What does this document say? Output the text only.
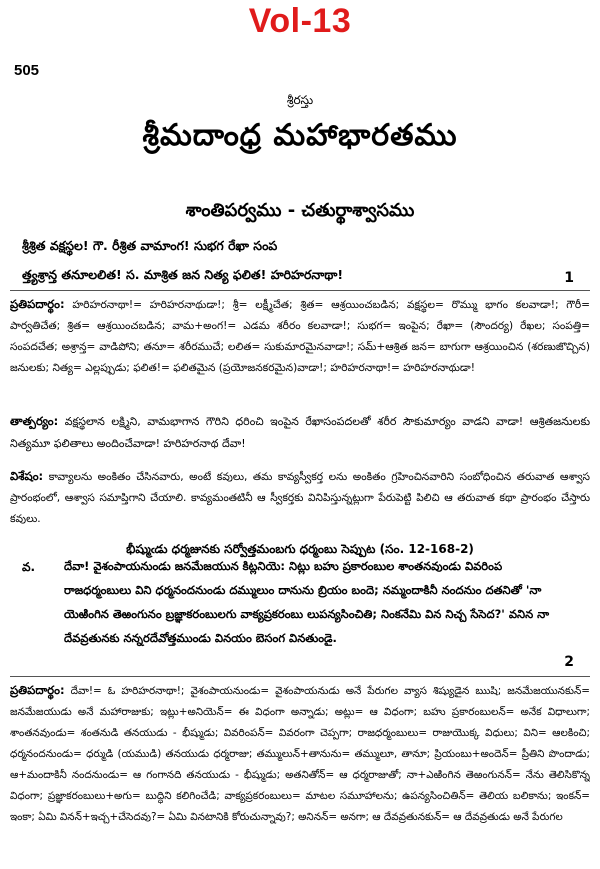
Vol-13
505
శ్రీరస్తు
శ్రీమదాంధ్ర మహాభారతము
శాంతిపర్వము - చతుర్థాశ్వాసము
శ్రీశ్రిత వక్షస్థల! గౌ. రీశ్రిత వామాంగ! సుభగ రేఖా సంప
త్త్యశ్రాన్త తనూలలిత! స. మాశ్రిత జన నిత్య ఫలిత! హరిహరనాథా!	1

ప్రతిపదార్థం: హరిహరనాథా!= హరిహరనాథుడా!; శ్రీ= లక్ష్మీచేత; శ్రిత= ఆశ్రయించబడిన; వక్షస్థల= రొమ్ము భాగం కలవాడా!; గౌరీ= పార్వతిచేత; శ్రిత= ఆశ్రయించబడిన; వామ+అంగ!= ఎడమ శరీరం కలవాడా!; సుభగ= ఇంపైన; రేఖా= (సౌందర్య) రేఖల; సంపత్తి= సంపదచేత; అశ్రాన్త= వాడిపోని; తనూ= శరీరముచే; లలిత= సుకుమారమైనవాడా!; సమ్+ఆశ్రిత జన= బాగుగా ఆశ్రయించిన (శరణుజొచ్చిన) జనులకు; నిత్య= ఎల్లప్పుడు; ఫలిత!= ఫలితమైన (ప్రయోజనకరమైన)వాడా!; హరిహరనాథా!= హరిహరనాథుడా!

తాత్పర్యం: వక్షస్థలాన లక్ష్మిని, వామభాగాన గౌరిని ధరించి ఇంపైన రేఖాసంపదలతో శరీర సౌకుమార్యం వాడని వాడా! ఆశ్రితజనులకు నిత్యమూ ఫలితాలు అందించేవాడా! హరిహరనాథ దేవా!

విశేషం: కావ్యాలను అంకితం చేసినవారు, అంటే కవులు, తమ కావ్యస్వీకర్త లను అంకితం గ్రహించినవారిని సంబోధించిన తరువాత ఆశ్వాస ప్రారంభంలో, ఆశ్వాస సమాప్తిగాని చేయాలి. కావ్యమంతటినీ ఆ స్వీకర్తకు వినిపిస్తున్నట్లుగా పేరుపెట్టి పిలిచి ఆ తరువాత కథా ప్రారంభం చేస్తారు కవులు.

భీష్ముఁడు ధర్మజునకు సర్వోత్తమంబగు ధర్మంబు సెప్పుట (సం. 12-168-2)
వ.	దేవా! వైశంపాయనుండు జనమేజయున కిట్లనియె: నిట్లు బహు ప్రకారంబుల శాంతనవుండు వివరింప రాజధర్మంబులు విని ధర్మనందనుండు దమ్ములుం దానును బ్రియం బందె; నమ్మందాకినీ నందనుం దతనితో 'నా యెఱింగిన తెఱంగునం బ్రజ్ఞాకరంబులగు వాక్యప్రకరంబు లుపన్యసించితి; నింకనేమి విన నిచ్చ సేసెద?' వనిన నా దేవవ్రతునకు నన్నరదేవోత్తముండు వినయం బెసంగ వినతుండై.
2

ప్రతిపదార్థం: దేవా!= ఓ హరిహరనాథా!; వైశంపాయనుండు= వైశంపాయనుడు అనే పేరుగల వ్యాస శిష్యుడైన ఋషి; జనమేజయునకున్= జనమేజయుడు అనే మహారాజుకు; ఇట్లు+అనియెన్= ఈ విధంగా అన్నాడు; అట్లు= ఆ విధంగా; బహు ప్రకారంబులన్= అనేక విధాలుగా; శాంతనవుండు= శంతనుడి తనయుడు - భీష్ముడు; వివరింపన్= వివరంగా చెప్పగా; రాజధర్మంబులు= రాజుయొక్క విధులు; విని= ఆలకించి; ధర్మనందనుండు= ధర్ముడి (యముడి) తనయుడు ధర్మరాజు; తమ్ములున్+తానును= తమ్ములూ, తానూ; ప్రియంబు+అందెన్= ప్రీతిని పొందాడు; ఆ+మందాకినీ నందనుండు= ఆ గంగానది తనయుడు - భీష్ముడు; అతనితోన్= ఆ ధర్మరాజుతో; నా+ఎఱింగిన తెఱంగునన్= నేను తెలిసికొన్న విధంగా; ప్రజ్ఞాకరంబులు+అగు= బుద్ధిని కలిగించేడి; వాక్యప్రకరంబులు= మాటల సమూహాలను; ఉపన్యసించితిన్= తెలియ బలికాను; ఇంకన్= ఇంకా; ఏమి వినన్+ఇచ్చ+చేసెదవు?= ఏమి వినటానికి కోరుచున్నావు?; అనినన్= అనగా; ఆ దేవవ్రతునకున్= ఆ దేవవ్రతుడు అనే పేరుగల
